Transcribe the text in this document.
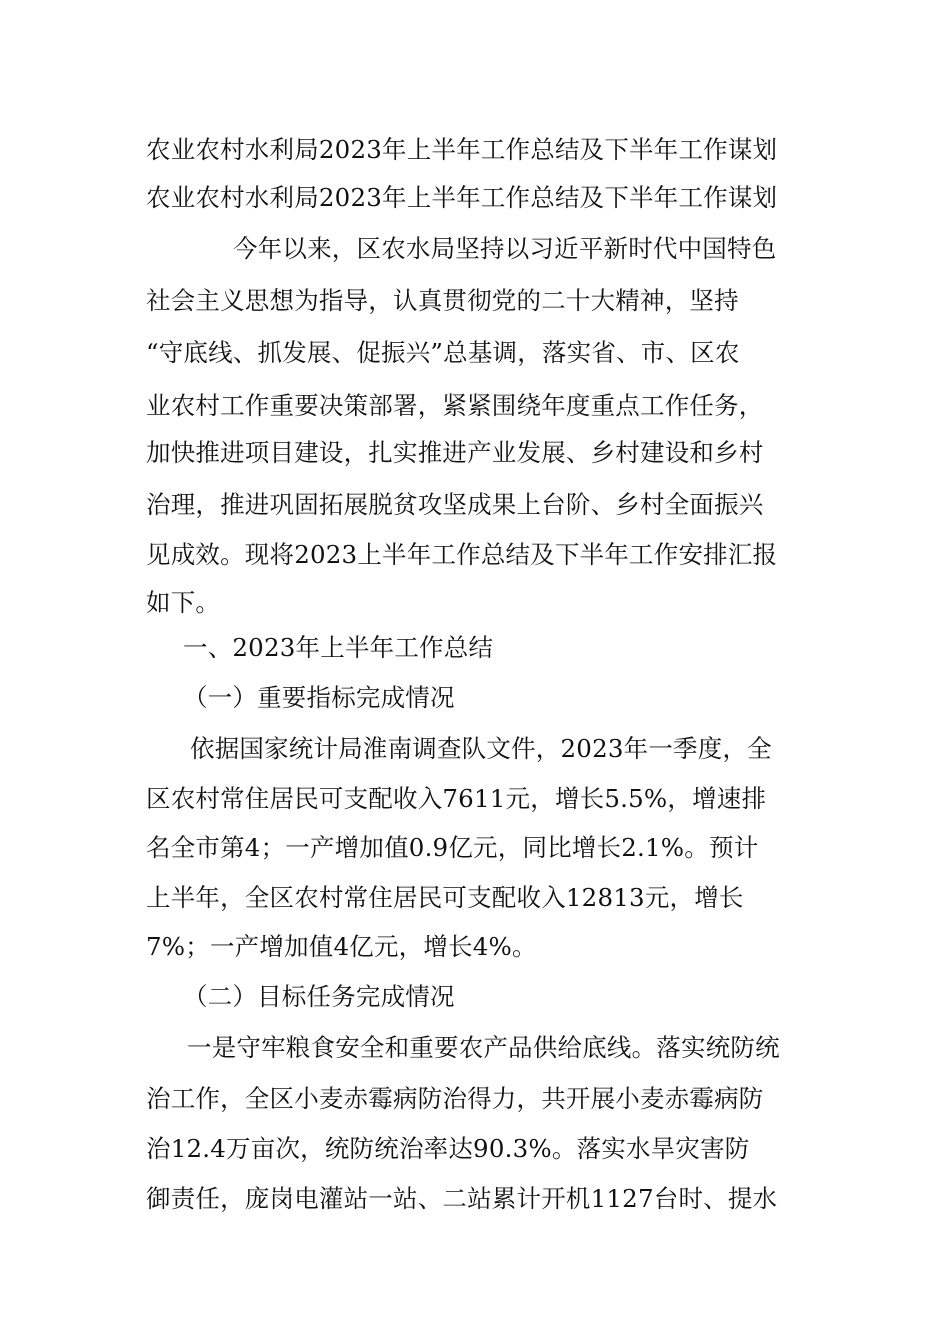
农业农村水利局2023年上半年工作总结及下半年工作谋划
农业农村水利局2023年上半年工作总结及下半年工作谋划
今年以来，区农水局坚持以习近平新时代中国特色
社会主义思想为指导，认真贯彻党的二十大精神，坚持
“守底线、抓发展、促振兴”总基调，落实省、市、区农
业农村工作重要决策部署，紧紧围绕年度重点工作任务，
加快推进项目建设，扎实推进产业发展、乡村建设和乡村
治理，推进巩固拓展脱贫攻坚成果上台阶、乡村全面振兴
见成效。现将2023上半年工作总结及下半年工作安排汇报
如下。
一、2023年上半年工作总结
（一）重要指标完成情况
依据国家统计局淮南调查队文件，2023年一季度，全
区农村常住居民可支配收入7611元，增长5.5%，增速排
名全市第4；一产增加值0.9亿元，同比增长2.1%。预计
上半年，全区农村常住居民可支配收入12813元，增长
7%；一产增加值4亿元，增长4%。
（二）目标任务完成情况
一是守牢粮食安全和重要农产品供给底线。落实统防统
治工作，全区小麦赤霉病防治得力，共开展小麦赤霉病防
治12.4万亩次，统防统治率达90.3%。落实水旱灾害防
御责任，庞岗电灌站一站、二站累计开机1127台时、提水
